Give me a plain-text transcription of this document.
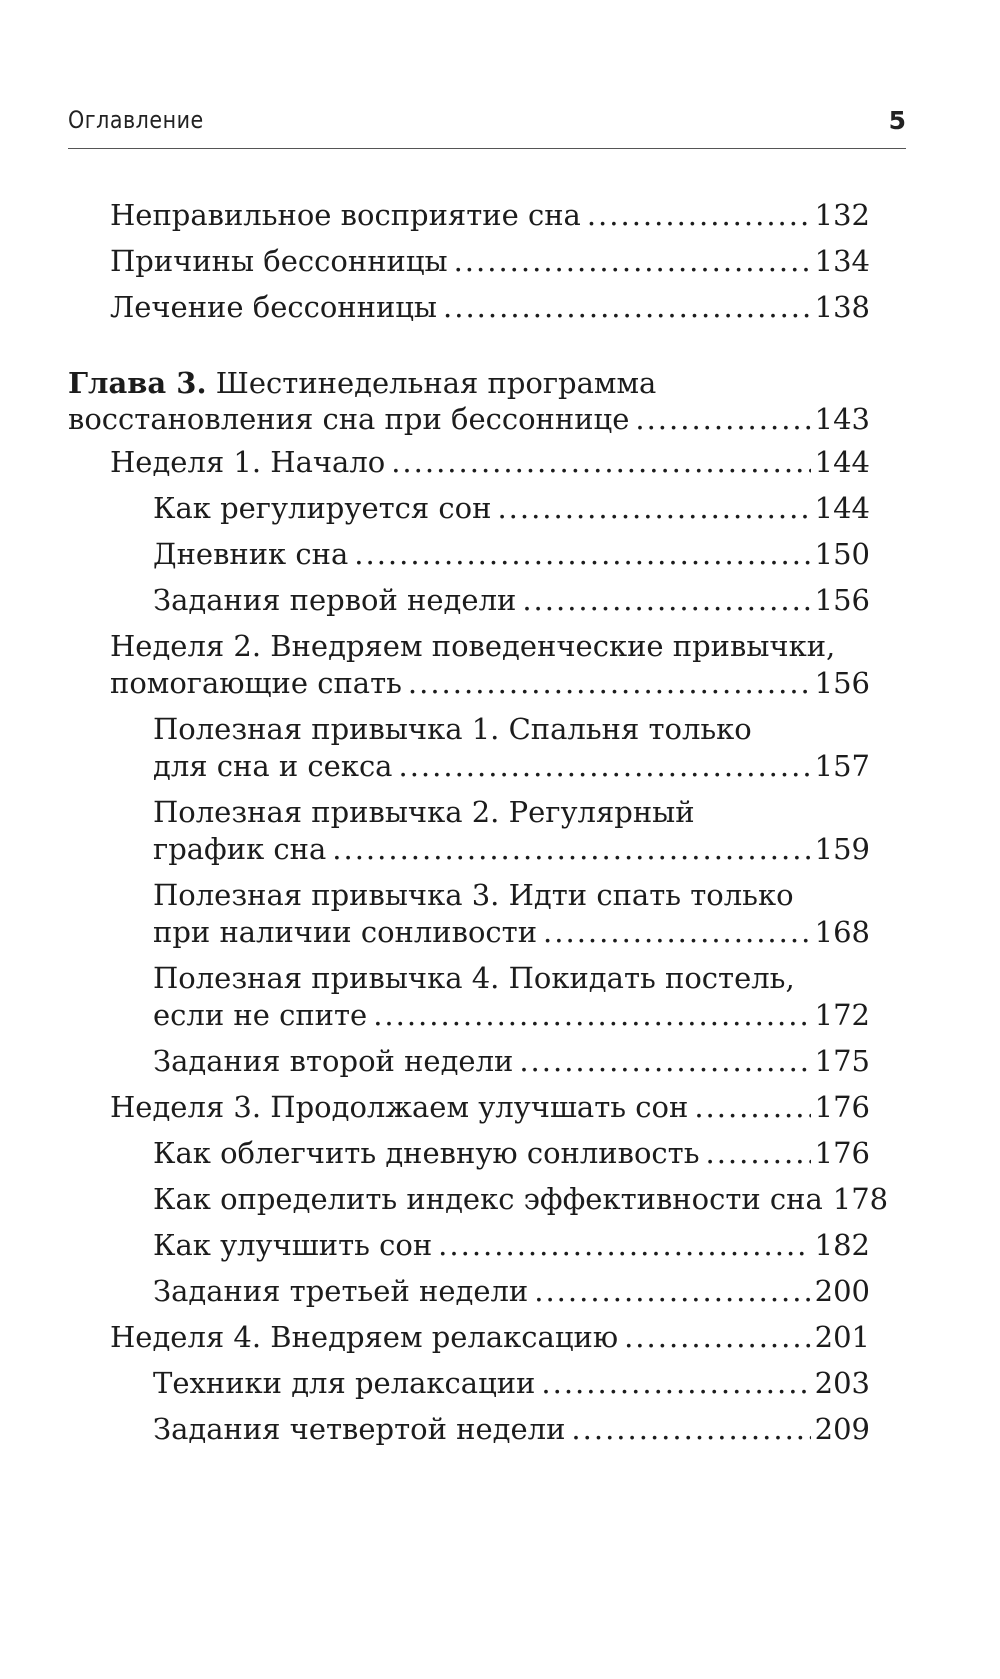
Оглавление	5
Неправильное восприятие сна .....	132
Причины бессонницы .....	134
Лечение бессонницы .....	138
Глава 3. Шестинедельная программа
восстановления сна при бессоннице .....	143
Неделя 1. Начало .....	144
Как регулируется сон .....	144
Дневник сна .....	150
Задания первой недели .....	156
Неделя 2. Внедряем поведенческие привычки,
помогающие спать .....	156
Полезная привычка 1. Спальня только
для сна и секса .....	157
Полезная привычка 2. Регулярный
график сна .....	159
Полезная привычка 3. Идти спать только
при наличии сонливости .....	168
Полезная привычка 4. Покидать постель,
если не спите .....	172
Задания второй недели .....	175
Неделя 3. Продолжаем улучшать сон .....	176
Как облегчить дневную сонливость .....	176
Как определить индекс эффективности сна 178
Как улучшить сон .....	182
Задания третьей недели .....	200
Неделя 4. Внедряем релаксацию .....	201
Техники для релаксации .....	203
Задания четвертой недели .....	209
